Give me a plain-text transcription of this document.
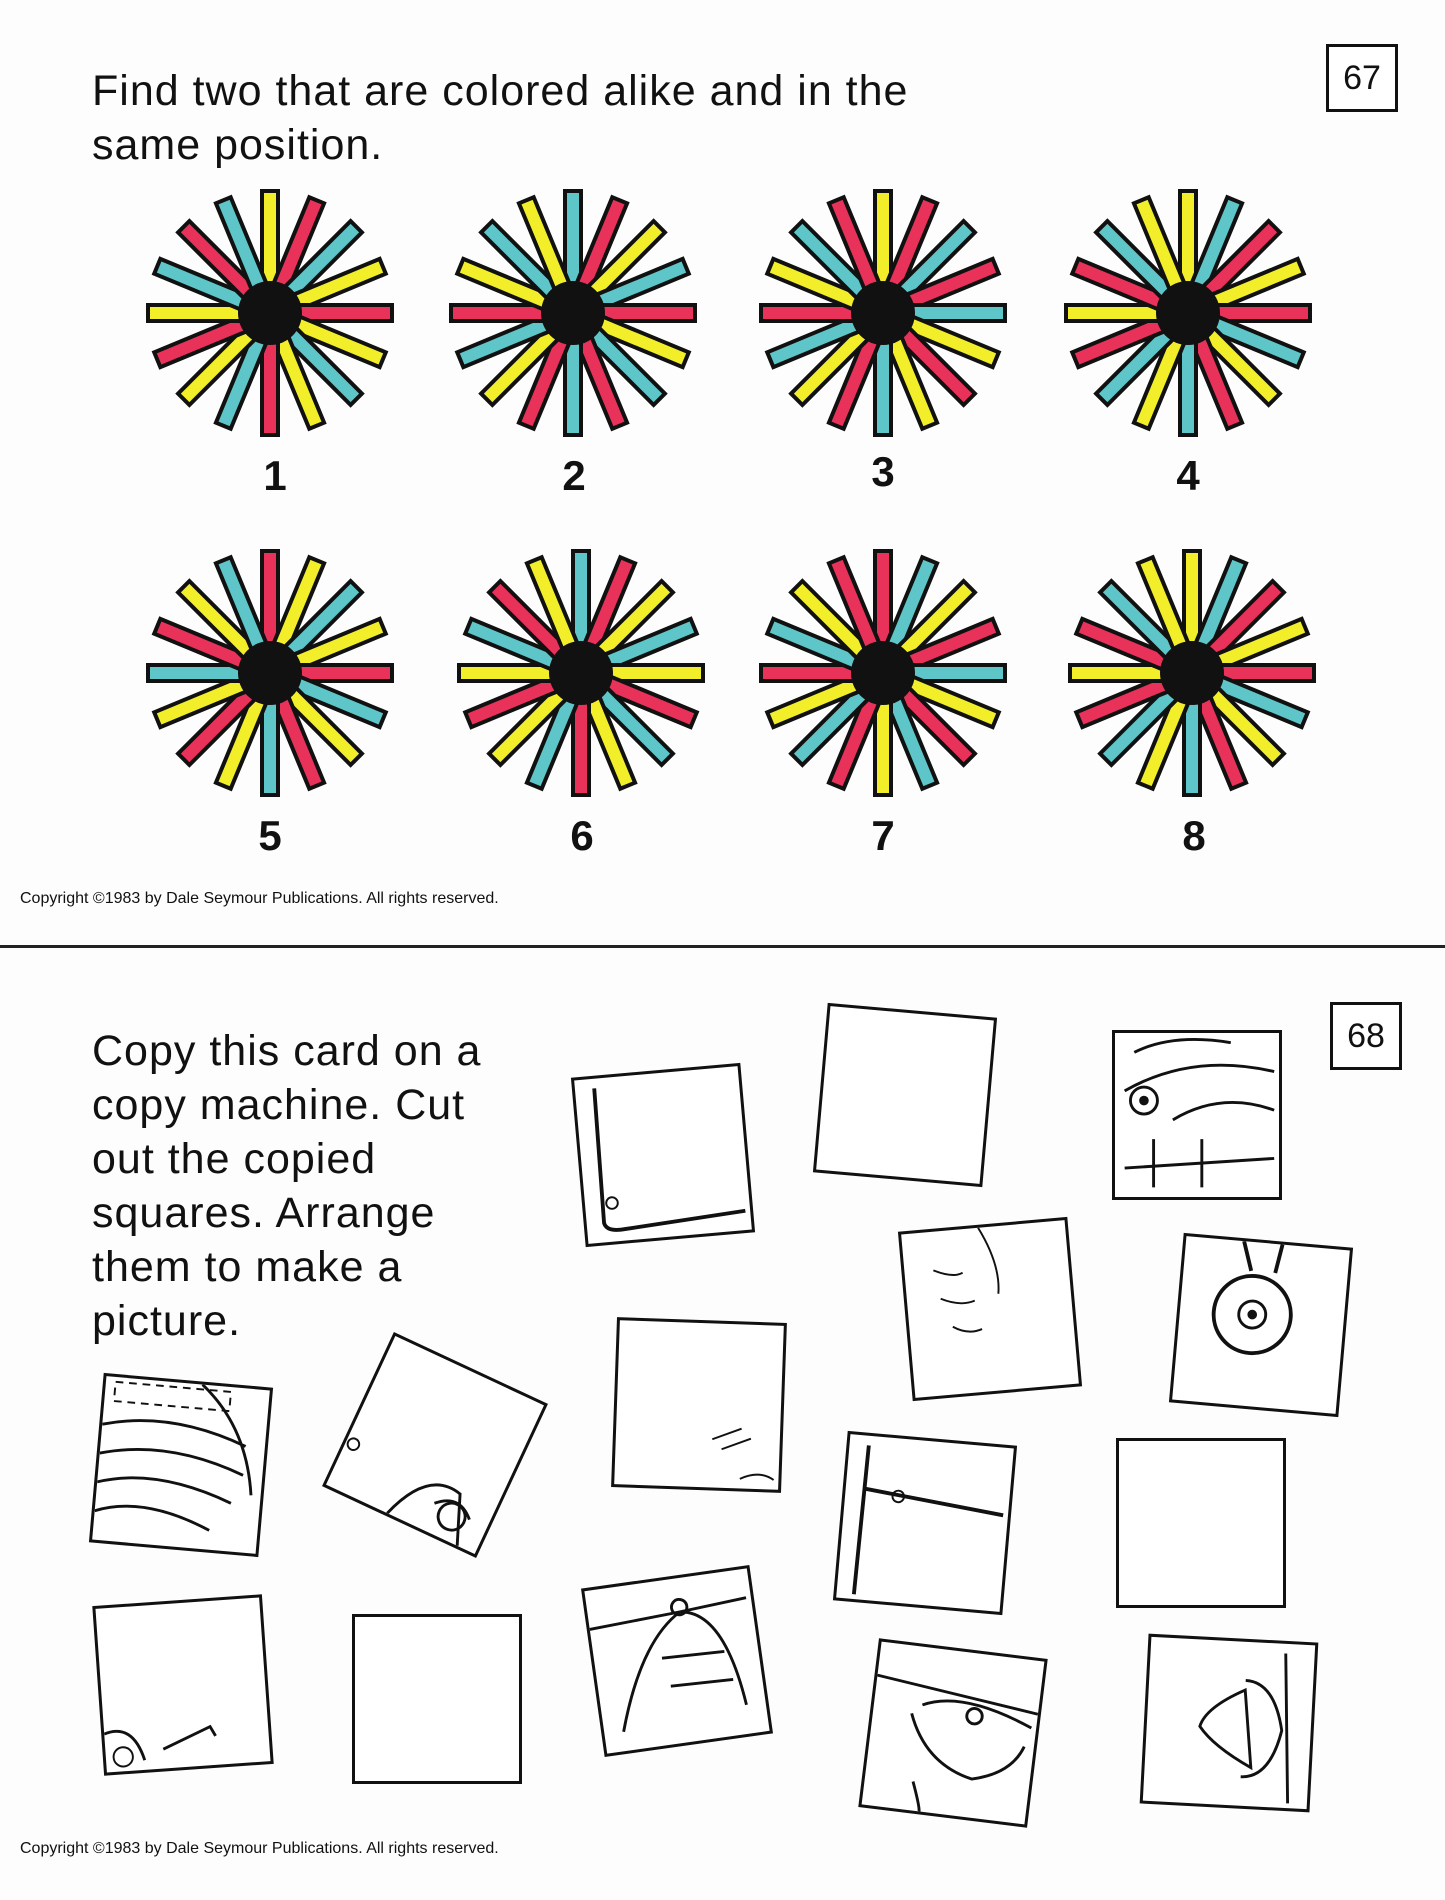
Find two that are colored alike and in the
same position.
67
1	2	3	4
5	6	7	8
Copyright ©1983 by Dale Seymour Publications. All rights reserved.
Copy this card on a
copy machine. Cut
out the copied
squares. Arrange
them to make a
picture.
68
Copyright ©1983 by Dale Seymour Publications. All rights reserved.
